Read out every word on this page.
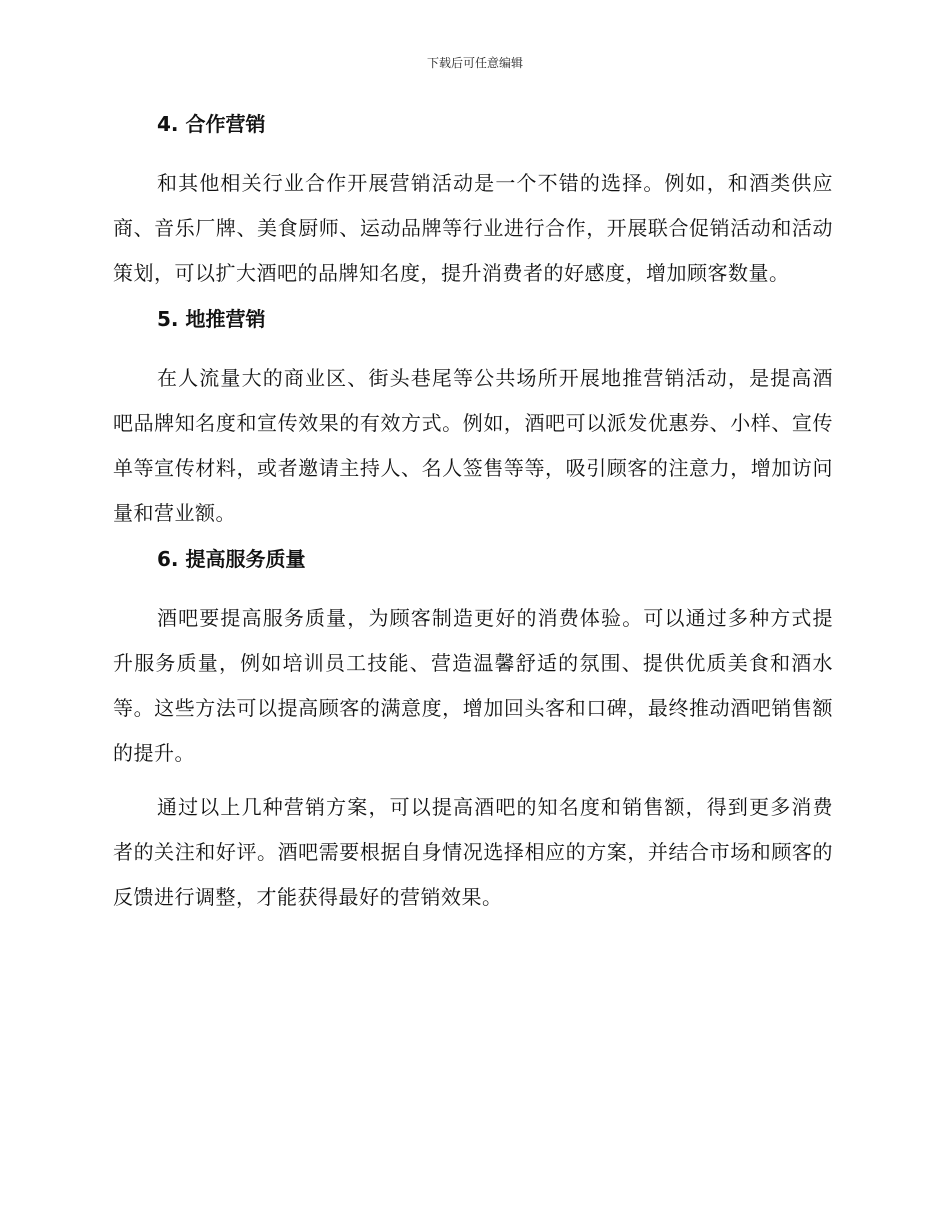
下载后可任意编辑
4. 合作营销

和其他相关行业合作开展营销活动是一个不错的选择。例如，和酒类供应商、音乐厂牌、美食厨师、运动品牌等行业进行合作，开展联合促销活动和活动策划，可以扩大酒吧的品牌知名度，提升消费者的好感度，增加顾客数量。

5. 地推营销

在人流量大的商业区、街头巷尾等公共场所开展地推营销活动，是提高酒吧品牌知名度和宣传效果的有效方式。例如，酒吧可以派发优惠券、小样、宣传单等宣传材料，或者邀请主持人、名人签售等等，吸引顾客的注意力，增加访问量和营业额。

6. 提高服务质量

酒吧要提高服务质量，为顾客制造更好的消费体验。可以通过多种方式提升服务质量，例如培训员工技能、营造温馨舒适的氛围、提供优质美食和酒水等。这些方法可以提高顾客的满意度，增加回头客和口碑，最终推动酒吧销售额的提升。

通过以上几种营销方案，可以提高酒吧的知名度和销售额，得到更多消费者的关注和好评。酒吧需要根据自身情况选择相应的方案，并结合市场和顾客的反馈进行调整，才能获得最好的营销效果。
